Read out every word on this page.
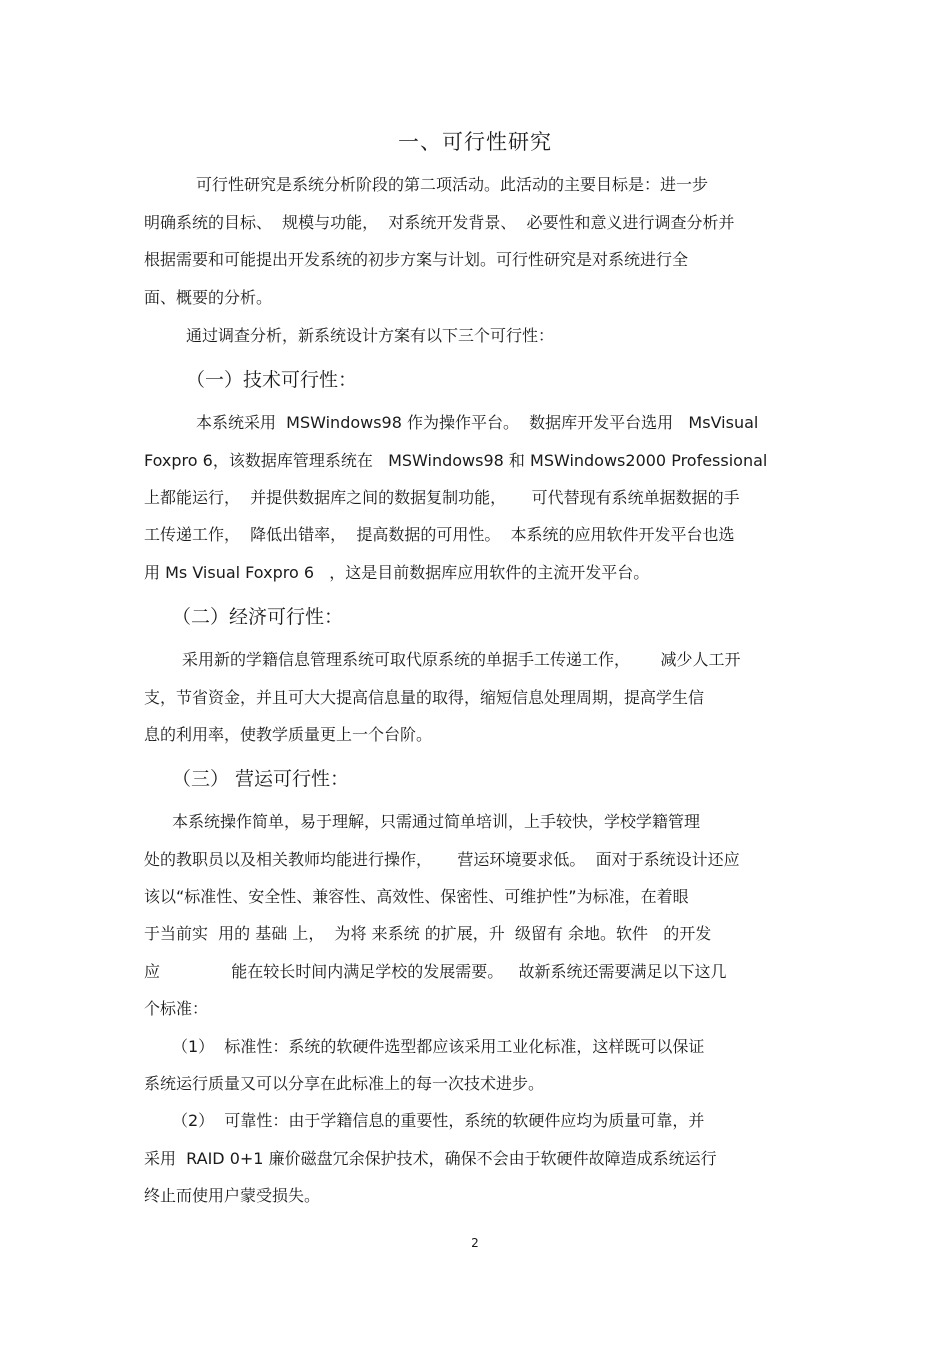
一、可行性研究
可行性研究是系统分析阶段的第二项活动。此活动的主要目标是：进一步
明确系统的目标、  规模与功能，  对系统开发背景、  必要性和意义进行调查分析并
根据需要和可能提出开发系统的初步方案与计划。可行性研究是对系统进行全
面、概要的分析。
通过调查分析，新系统设计方案有以下三个可行性：
（一）技术可行性：
本系统采用  MSWindows98 作为操作平台。  数据库开发平台选用   MsVisual
Foxpro 6，该数据库管理系统在   MSWindows98 和 MSWindows2000 Professional
上都能运行，  并提供数据库之间的数据复制功能，     可代替现有系统单据数据的手
工传递工作，  降低出错率，  提高数据的可用性。  本系统的应用软件开发平台也选
用 Ms Visual Foxpro 6   ，这是目前数据库应用软件的主流开发平台。
（二）经济可行性：
采用新的学籍信息管理系统可取代原系统的单据手工传递工作，      减少人工开
支，节省资金，并且可大大提高信息量的取得，缩短信息处理周期，提高学生信
息的利用率，使教学质量更上一个台阶。
（三） 营运可行性：
本系统操作简单，易于理解，只需通过简单培训，上手较快，学校学籍管理
处的教职员以及相关教师均能进行操作，     营运环境要求低。  面对于系统设计还应
该以“标准性、安全性、兼容性、高效性、保密性、可维护性”为标准，在着眼
于当前实  用的 基础 上，  为将 来系统 的扩展，升  级留有 余地。软件   的开发
应              能在较长时间内满足学校的发展需要。   故新系统还需要满足以下这几
个标准：
（1）  标准性：系统的软硬件选型都应该采用工业化标准，这样既可以保证
系统运行质量又可以分享在此标准上的每一次技术进步。
（2）  可靠性：由于学籍信息的重要性，系统的软硬件应均为质量可靠，并
采用  RAID 0+1 廉价磁盘冗余保护技术，确保不会由于软硬件故障造成系统运行
终止而使用户蒙受损失。
2
